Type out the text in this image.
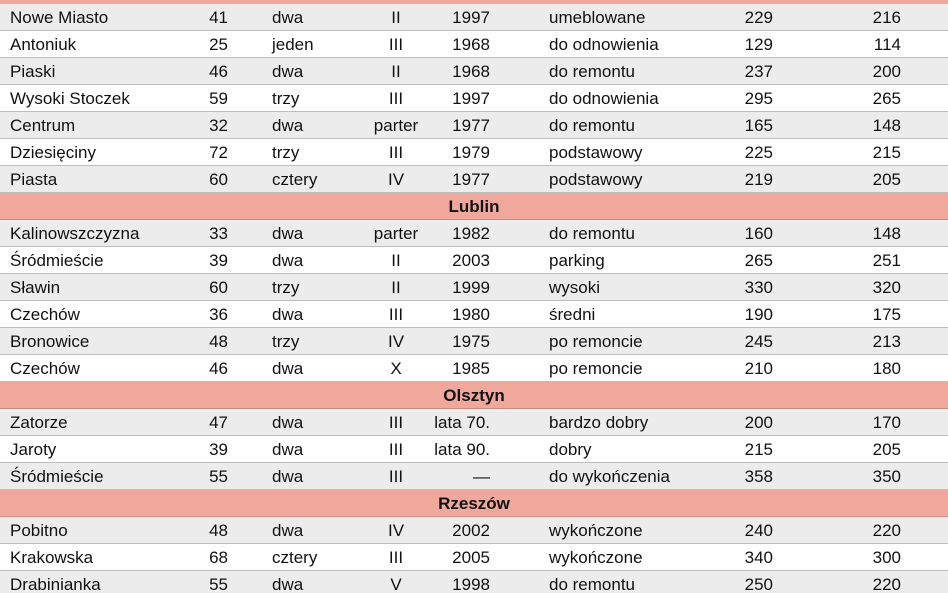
Nowe Miasto	41	dwa	II	1997	umeblowane	229	216
Antoniuk	25	jeden	III	1968	do odnowienia	129	114
Piaski	46	dwa	II	1968	do remontu	237	200
Wysoki Stoczek	59	trzy	III	1997	do odnowienia	295	265
Centrum	32	dwa	parter	1977	do remontu	165	148
Dziesięciny	72	trzy	III	1979	podstawowy	225	215
Piasta	60	cztery	IV	1977	podstawowy	219	205
Lublin
Kalinowszczyzna	33	dwa	parter	1982	do remontu	160	148
Śródmieście	39	dwa	II	2003	parking	265	251
Sławin	60	trzy	II	1999	wysoki	330	320
Czechów	36	dwa	III	1980	średni	190	175
Bronowice	48	trzy	IV	1975	po remoncie	245	213
Czechów	46	dwa	X	1985	po remoncie	210	180
Olsztyn
Zatorze	47	dwa	III	lata 70.	bardzo dobry	200	170
Jaroty	39	dwa	III	lata 90.	dobry	215	205
Śródmieście	55	dwa	III	—	do wykończenia	358	350
Rzeszów
Pobitno	48	dwa	IV	2002	wykończone	240	220
Krakowska	68	cztery	III	2005	wykończone	340	300
Drabinianka	55	dwa	V	1998	do remontu	250	220
